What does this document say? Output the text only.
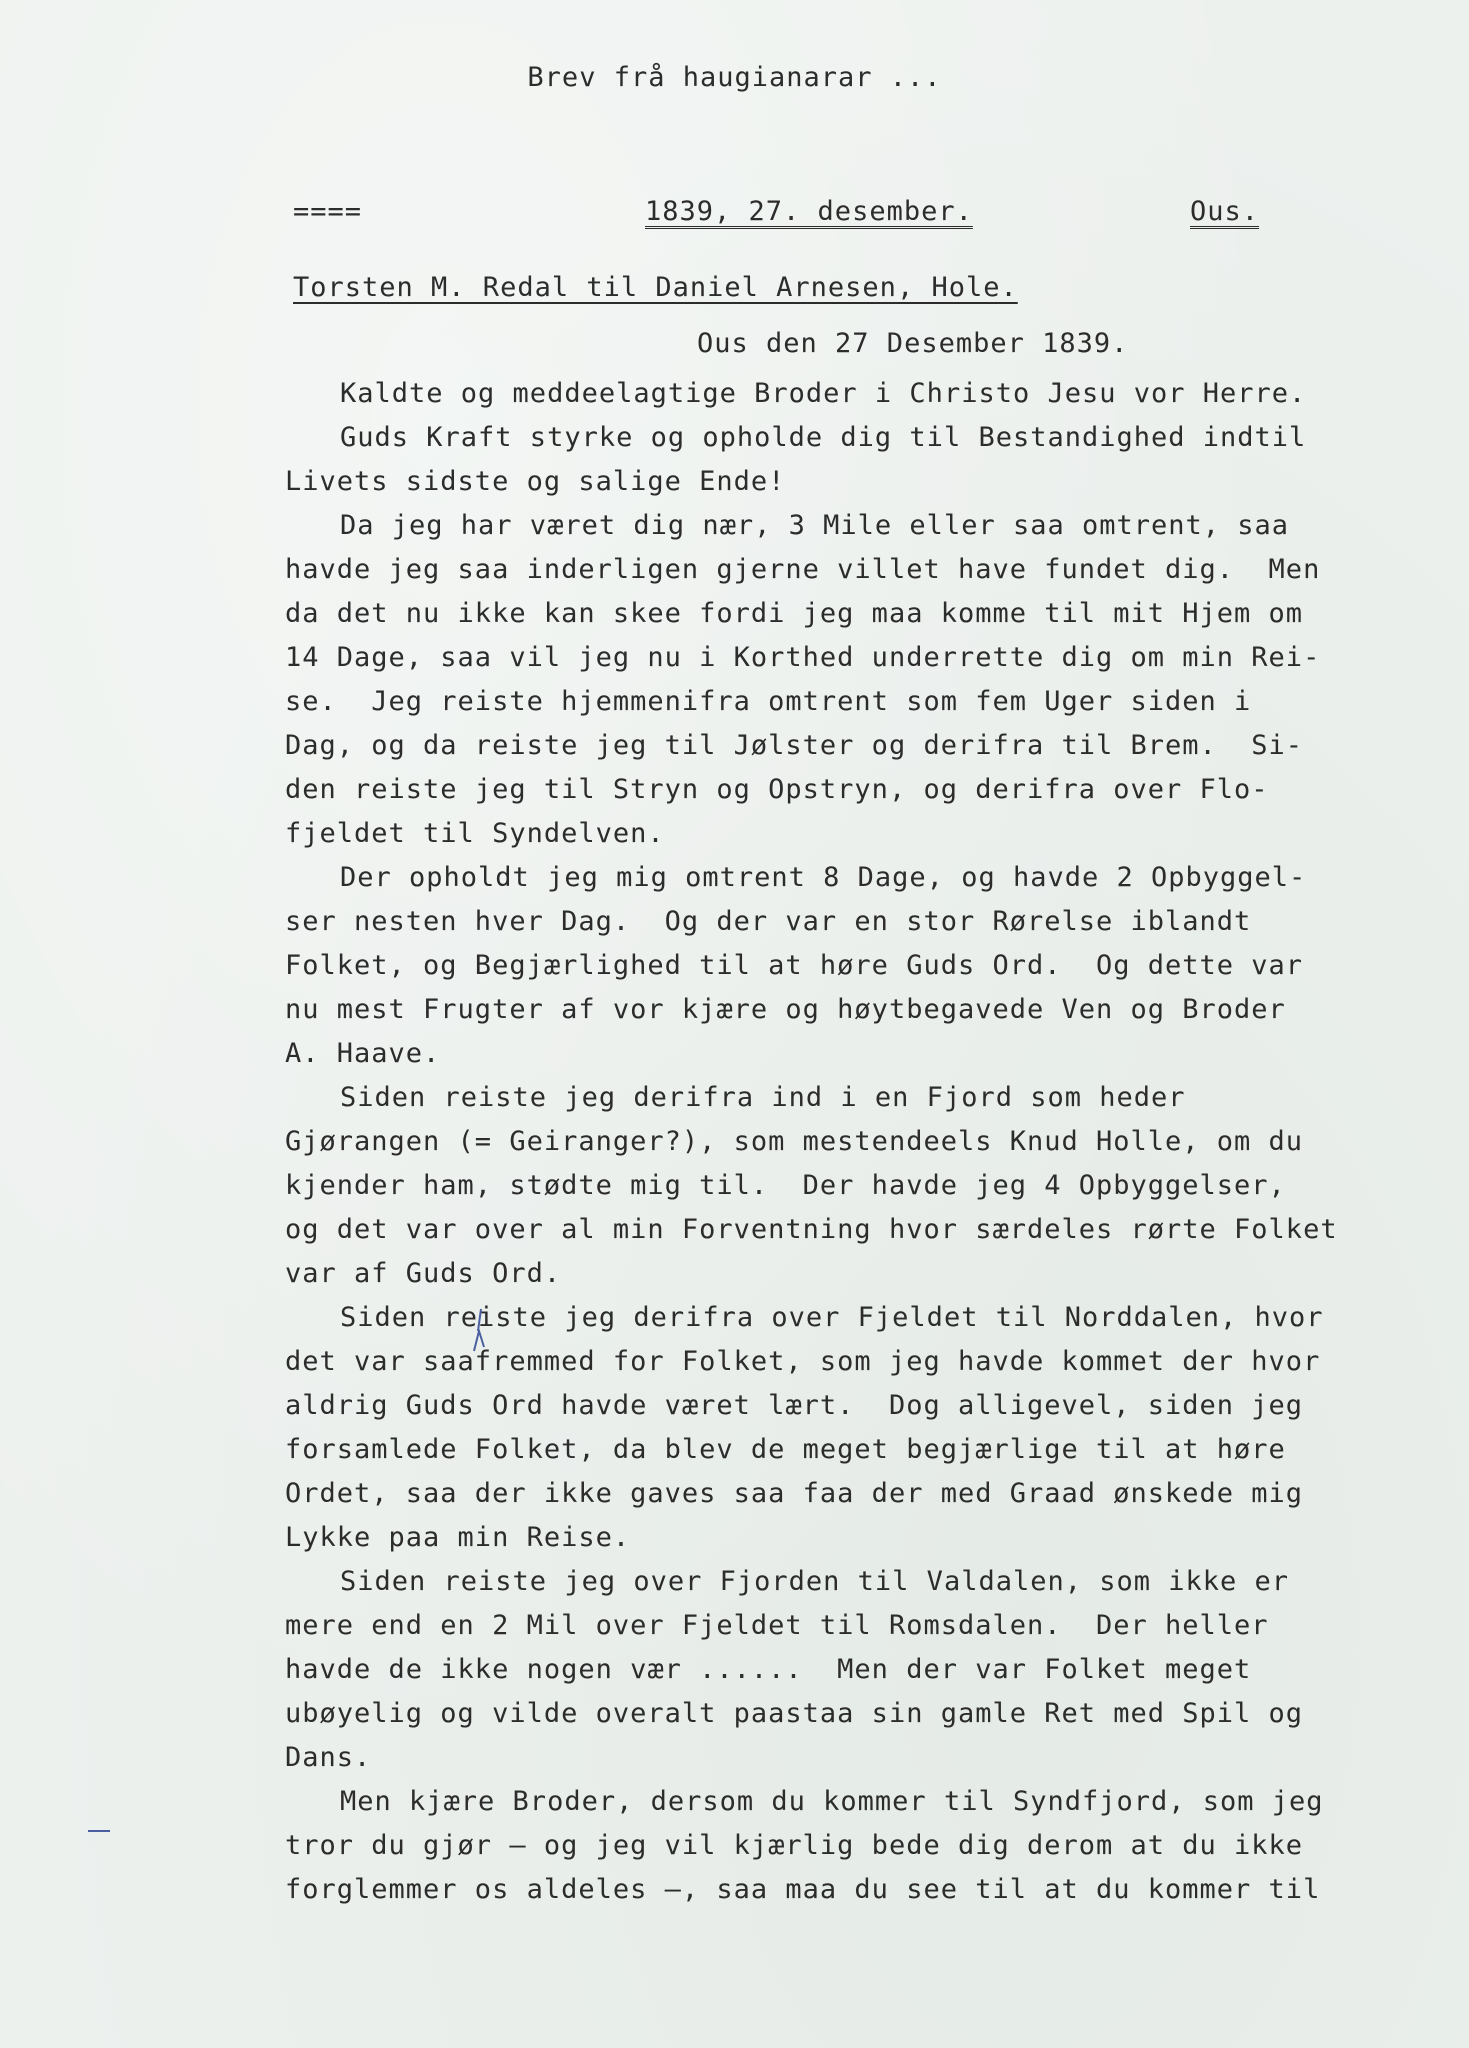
Brev frå haugianarar ...
====	1839, 27. desember.	Ous.
Torsten M. Redal til Daniel Arnesen, Hole.
Ous den 27 Desember 1839.
Kaldte og meddeelagtige Broder i Christo Jesu vor Herre.
Guds Kraft styrke og opholde dig til Bestandighed indtil
Livets sidste og salige Ende!
Da jeg har været dig nær, 3 Mile eller saa omtrent, saa
havde jeg saa inderligen gjerne villet have fundet dig.  Men
da det nu ikke kan skee fordi jeg maa komme til mit Hjem om
14 Dage, saa vil jeg nu i Korthed underrette dig om min Rei-
se.  Jeg reiste hjemmenifra omtrent som fem Uger siden i
Dag, og da reiste jeg til Jølster og derifra til Brem.  Si-
den reiste jeg til Stryn og Opstryn, og derifra over Flo-
fjeldet til Syndelven.
Der opholdt jeg mig omtrent 8 Dage, og havde 2 Opbyggel-
ser nesten hver Dag.  Og der var en stor Rørelse iblandt
Folket, og Begjærlighed til at høre Guds Ord.  Og dette var
nu mest Frugter af vor kjære og høytbegavede Ven og Broder
A. Haave.
Siden reiste jeg derifra ind i en Fjord som heder
Gjørangen (= Geiranger?), som mestendeels Knud Holle, om du
kjender ham, stødte mig til.  Der havde jeg 4 Opbyggelser,
og det var over al min Forventning hvor særdeles rørte Folket
var af Guds Ord.
Siden reiste jeg derifra over Fjeldet til Norddalen, hvor
det var saafremmed for Folket, som jeg havde kommet der hvor
aldrig Guds Ord havde været lært.  Dog alligevel, siden jeg
forsamlede Folket, da blev de meget begjærlige til at høre
Ordet, saa der ikke gaves saa faa der med Graad ønskede mig
Lykke paa min Reise.
Siden reiste jeg over Fjorden til Valdalen, som ikke er
mere end en 2 Mil over Fjeldet til Romsdalen.  Der heller
havde de ikke nogen vær ......  Men der var Folket meget
ubøyelig og vilde overalt paastaa sin gamle Ret med Spil og
Dans.
Men kjære Broder, dersom du kommer til Syndfjord, som jeg
tror du gjør — og jeg vil kjærlig bede dig derom at du ikke
forglemmer os aldeles —, saa maa du see til at du kommer til
